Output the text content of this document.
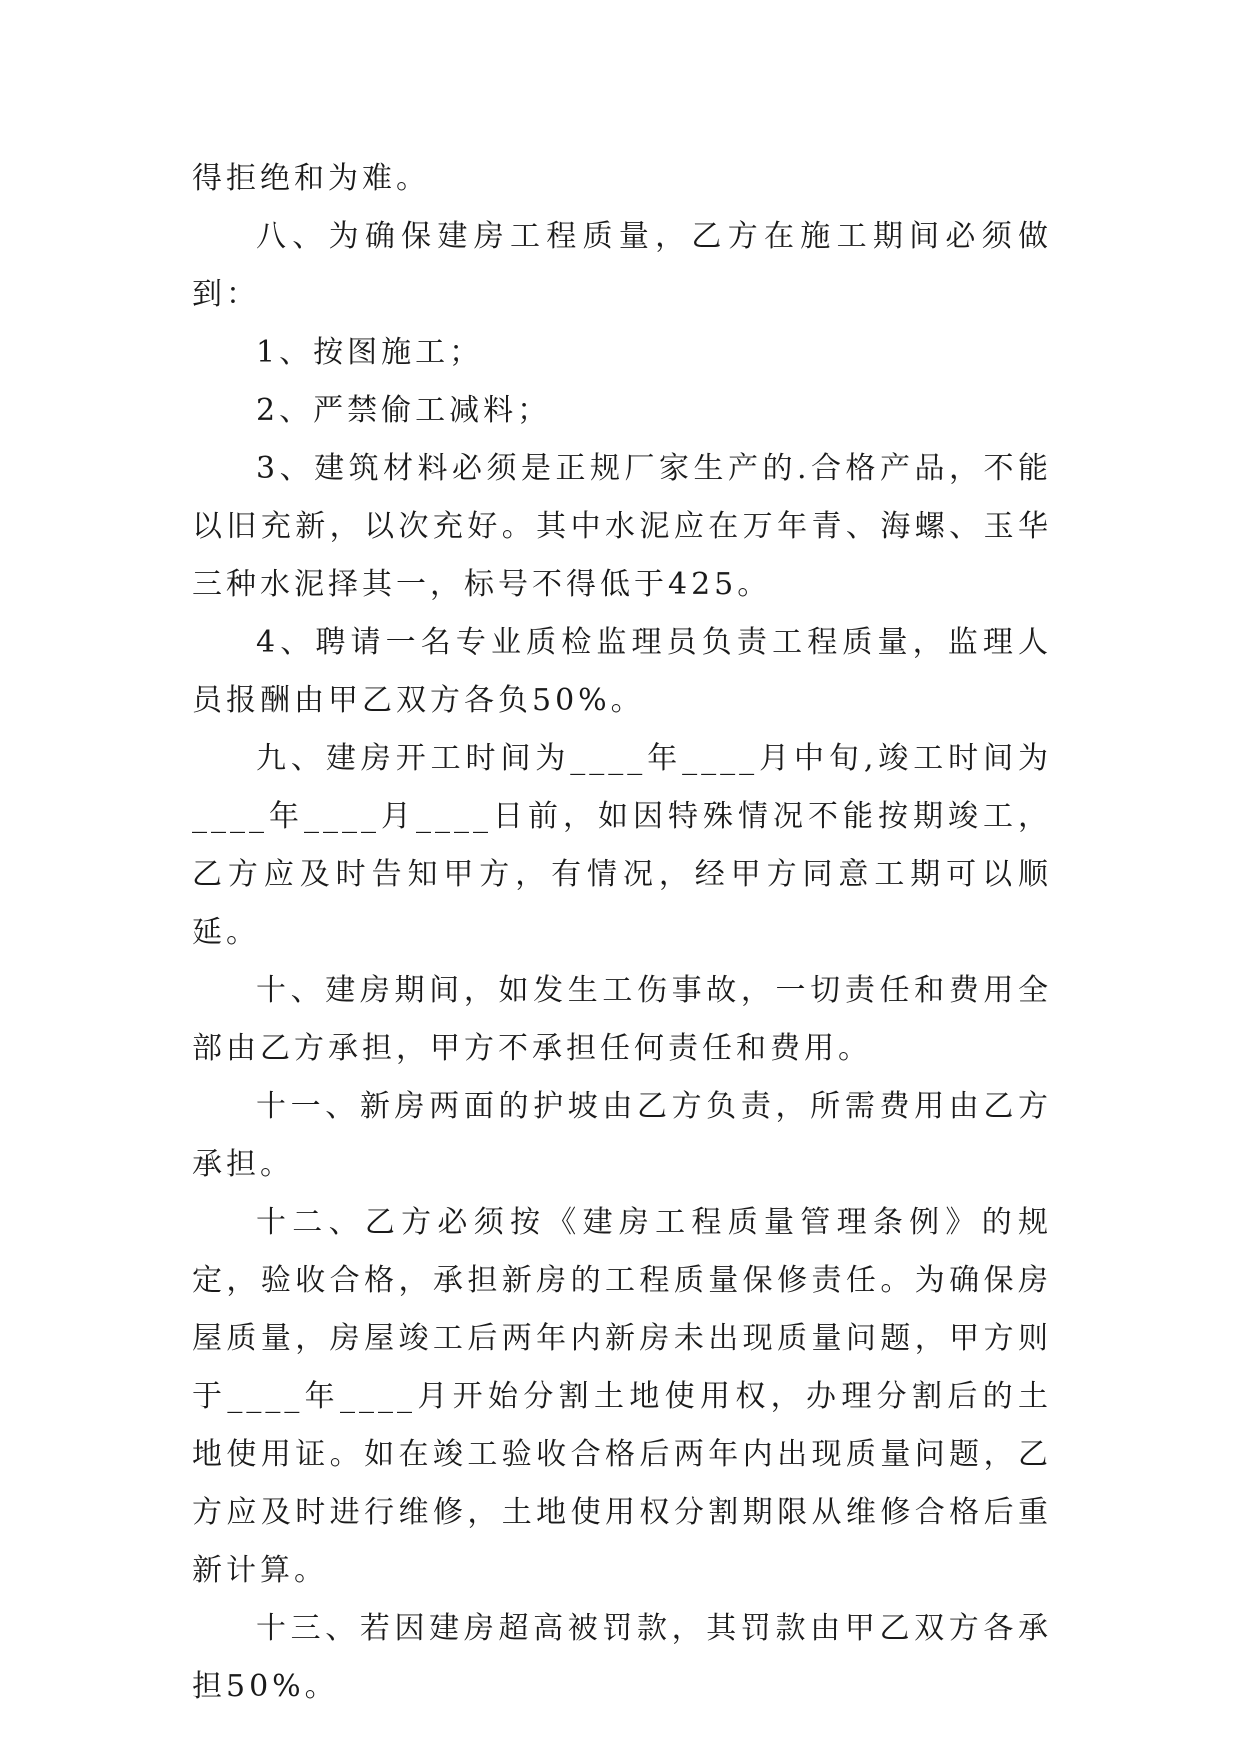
得拒绝和为难。

八、为确保建房工程质量，乙方在施工期间必须做到：

1、按图施工；

2、严禁偷工减料；

3、建筑材料必须是正规厂家生产的.合格产品，不能以旧充新，以次充好。其中水泥应在万年青、海螺、玉华三种水泥择其一，标号不得低于425。

4、聘请一名专业质检监理员负责工程质量，监理人员报酬由甲乙双方各负50%。

九、建房开工时间为____年____月中旬,竣工时间为____年____月____日前，如因特殊情况不能按期竣工，乙方应及时告知甲方，有情况，经甲方同意工期可以顺延。

十、建房期间，如发生工伤事故，一切责任和费用全部由乙方承担，甲方不承担任何责任和费用。

十一、新房两面的护坡由乙方负责，所需费用由乙方承担。

十二、乙方必须按《建房工程质量管理条例》的规定，验收合格，承担新房的工程质量保修责任。为确保房屋质量，房屋竣工后两年内新房未出现质量问题，甲方则于____年____月开始分割土地使用权，办理分割后的土地使用证。如在竣工验收合格后两年内出现质量问题，乙方应及时进行维修，土地使用权分割期限从维修合格后重新计算。

十三、若因建房超高被罚款，其罚款由甲乙双方各承担50%。
